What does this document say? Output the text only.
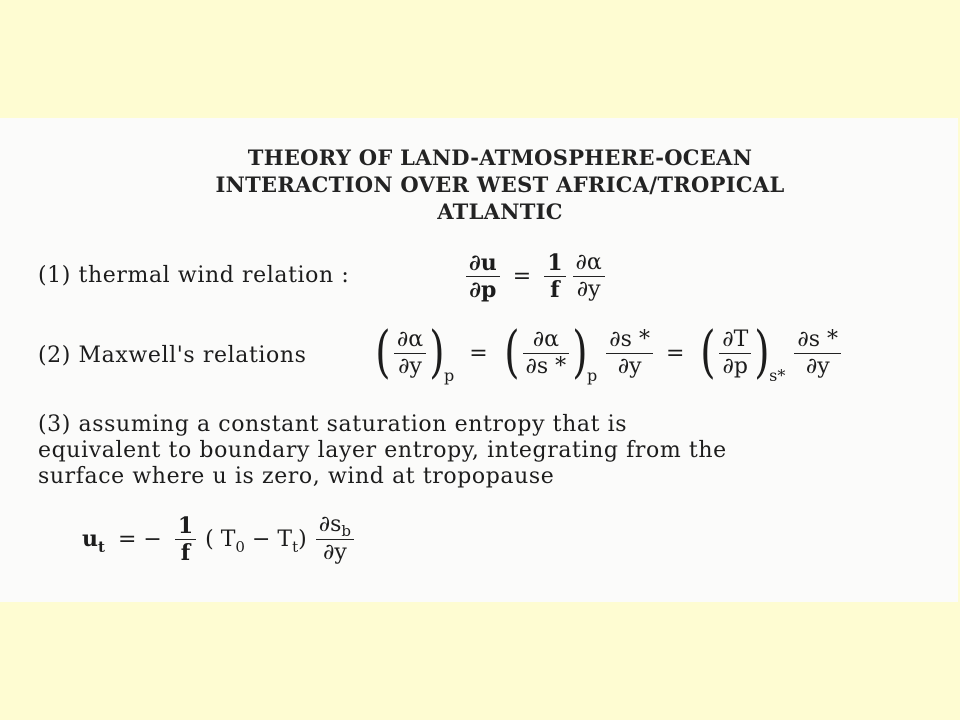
THEORY OF LAND-ATMOSPHERE-OCEAN
INTERACTION OVER WEST AFRICA/TROPICAL
ATLANTIC
(1) thermal wind relation :	$\frac{\partial u}{\partial p} = \frac{1}{f}$
$\frac{\partial\alpha}{\partial y}$
(2) Maxwell's relations ( $\frac{\partial\alpha}{\partial y} )_p$ = ( $\frac{\partial\alpha}{\partial s *} )_p \frac{\partial s *}{\partial y}$ = ( $\frac{\partial T}{\partial p} )_{s*} \frac{\partial s *}{\partial y}$
(3) assuming a constant saturation entropy that is
equivalent to boundary layer entropy, integrating from the
surface where u is zero, wind at tropopause
$u_t$ = − $\frac{1}{f}$ ( $T_0 - T_t) \frac{\partial s_b}{\partial y}$
